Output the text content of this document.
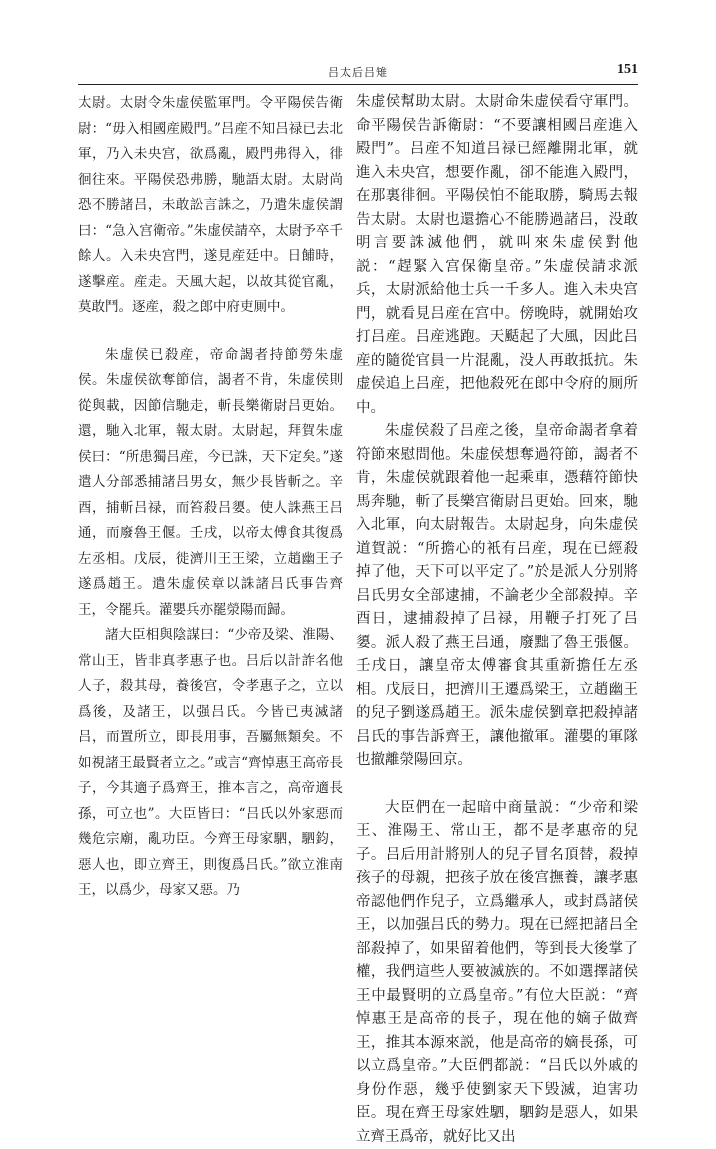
吕太后吕雉	151

太尉。太尉令朱虚侯監軍門。令平陽侯告衛尉：“毋入相國産殿門。”吕産不知吕禄已去北軍，乃入未央宫，欲爲亂，殿門弗得入，徘徊往來。平陽侯恐弗勝，馳語太尉。太尉尚恐不勝諸吕，未敢訟言誅之，乃遣朱虚侯謂曰：“急入宫衛帝。”朱虚侯請卒，太尉予卒千餘人。入未央宫門，遂見産廷中。日餔時，遂擊産。産走。天風大起，以故其從官亂，莫敢鬥。逐産，殺之郎中府吏厠中。

朱虚侯已殺産，帝命謁者持節勞朱虚侯。朱虚侯欲奪節信，謁者不肯，朱虚侯則從與載，因節信馳走，斬長樂衛尉吕更始。還，馳入北軍，報太尉。太尉起，拜賀朱虚侯曰：“所患獨吕産，今已誅，天下定矣。”遂遣人分部悉捕諸吕男女，無少長皆斬之。辛酉，捕斬吕禄，而笞殺吕嬃。使人誅燕王吕通，而廢魯王偃。壬戌，以帝太傅食其復爲左丞相。戊辰，徙濟川王王梁，立趙幽王子遂爲趙王。遣朱虚侯章以誅諸吕氏事告齊王，令罷兵。灌嬰兵亦罷滎陽而歸。

諸大臣相與陰謀曰：“少帝及梁、淮陽、常山王，皆非真孝惠子也。吕后以計詐名他人子，殺其母，養後宫，令孝惠子之，立以爲後，及諸王，以强吕氏。今皆已夷滅諸吕，而置所立，即長用事，吾屬無類矣。不如視諸王最賢者立之。”或言“齊悼惠王高帝長子，今其適子爲齊王，推本言之，高帝適長孫，可立也”。大臣皆曰：“吕氏以外家惡而幾危宗廟，亂功臣。今齊王母家駟，駟鈞，惡人也，即立齊王，則復爲吕氏。”欲立淮南王，以爲少，母家又惡。乃

朱虚侯幫助太尉。太尉命朱虚侯看守軍門。命平陽侯告訴衛尉：“不要讓相國吕産進入殿門”。吕産不知道吕禄已經離開北軍，就進入未央宫，想要作亂，卻不能進入殿門，在那裏徘徊。平陽侯怕不能取勝，騎馬去報告太尉。太尉也還擔心不能勝過諸吕，没敢明言要誅滅他們，就叫來朱虚侯對他説：“趕緊入宫保衛皇帝。”朱虚侯請求派兵，太尉派給他士兵一千多人。進入未央宫門，就看見吕産在宫中。傍晚時，就開始攻打吕産。吕産逃跑。天颳起了大風，因此吕産的隨從官員一片混亂，没人再敢抵抗。朱虚侯追上吕産，把他殺死在郎中令府的厠所中。

朱虚侯殺了吕産之後，皇帝命謁者拿着符節來慰問他。朱虚侯想奪過符節，謁者不肯，朱虚侯就跟着他一起乘車，憑藉符節快馬奔馳，斬了長樂宫衛尉吕更始。回來，馳入北軍，向太尉報告。太尉起身，向朱虚侯道賀説：“所擔心的衹有吕産，現在已經殺掉了他，天下可以平定了。”於是派人分别將吕氏男女全部逮捕，不論老少全部殺掉。辛酉日，逮捕殺掉了吕禄，用鞭子打死了吕嬃。派人殺了燕王吕通，廢黜了魯王張偃。壬戌日，讓皇帝太傅審食其重新擔任左丞相。戊辰日，把濟川王遷爲梁王，立趙幽王的兒子劉遂爲趙王。派朱虚侯劉章把殺掉諸吕氏的事告訴齊王，讓他撤軍。灌嬰的軍隊也撤離滎陽回京。

大臣們在一起暗中商量説：“少帝和梁王、淮陽王、常山王，都不是孝惠帝的兒子。吕后用計將别人的兒子冒名頂替，殺掉孩子的母親，把孩子放在後宫撫養，讓孝惠帝認他們作兒子，立爲繼承人，或封爲諸侯王，以加强吕氏的勢力。現在已經把諸吕全部殺掉了，如果留着他們，等到長大後掌了權，我們這些人要被滅族的。不如選擇諸侯王中最賢明的立爲皇帝。”有位大臣説：“齊悼惠王是高帝的長子，現在他的嫡子做齊王，推其本源來説，他是高帝的嫡長孫，可以立爲皇帝。”大臣們都説：“吕氏以外戚的身份作惡，幾乎使劉家天下毁滅，迫害功臣。現在齊王母家姓駟，駟鈞是惡人，如果立齊王爲帝，就好比又出
